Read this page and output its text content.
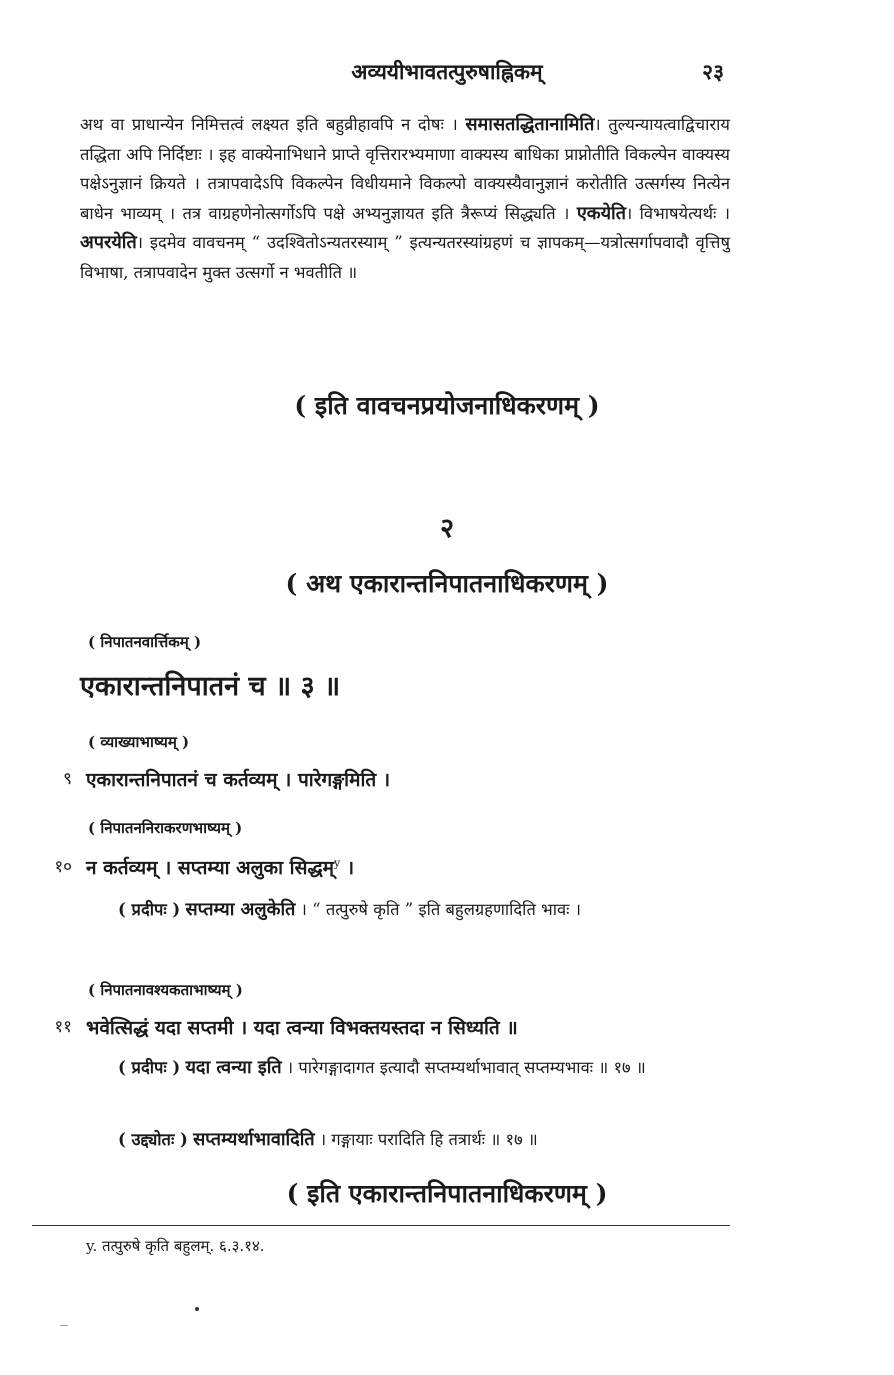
अव्ययीभावतत्पुरुषाह्निकम्	२३
अथ वा प्राधान्येन निमित्तत्वं लक्ष्यत इति बहुव्रीहावपि न दोषः । समासतद्धितानामिति। तुल्यन्यायत्वाद्विचाराय तद्धिता अपि निर्दिष्टाः । इह वाक्येनाभिधाने प्राप्ते वृत्तिरारभ्यमाणा वाक्यस्य बाधिका प्राप्नोतीति विकल्पेन वाक्यस्य पक्षेऽनुज्ञानं क्रियते । तत्रापवादेऽपि विकल्पेन विधीयमाने विकल्पो वाक्यस्यैवानुज्ञानं करोतीति उत्सर्गस्य नित्येन बाधेन भाव्यम् । तत्र वाग्रहणेनोत्सर्गोऽपि पक्षे अभ्यनुज्ञायत इति त्रैरूप्यं सिद्ध्यति । एकयेति। विभाषयेत्यर्थः । अपरयेति। इदमेव वावचनम् “ उदश्वितोऽन्यतरस्याम् ” इत्यन्यतरस्यांग्रहणं च ज्ञापकम्—यत्रोत्सर्गापवादौ वृत्तिषु विभाषा, तत्रापवादेन मुक्त उत्सर्गो न भवतीति ॥
( इति वावचनप्रयोजनाधिकरणम् )
२
( अथ एकारान्तनिपातनाधिकरणम् )
( निपातनवार्त्तिकम् )
एकारान्तनिपातनं च ॥ ३ ॥
( व्याख्याभाष्यम् )
९ एकारान्तनिपातनं च कर्तव्यम् । पारेगङ्गमिति ।
( निपातननिराकरणभाष्यम् )
१० न कर्तव्यम् । सप्तम्या अलुका सिद्धम्$^y$ ।
( प्रदीपः ) सप्तम्या अलुकेति । “ तत्पुरुषे कृति ” इति बहुलग्रहणादिति भावः ।
( निपातनावश्यकताभाष्यम् )
११ भवेत्सिद्धं यदा सप्तमी । यदा त्वन्या विभक्तयस्तदा न सिध्यति ॥
( प्रदीपः ) यदा त्वन्या इति । पारेगङ्गादागत इत्यादौ सप्तम्यर्थाभावात् सप्तम्यभावः ॥ १७ ॥
( उद्द्योतः ) सप्तम्यर्थाभावादिति । गङ्गायाः परादिति हि तत्रार्थः ॥ १७ ॥
( इति एकारान्तनिपातनाधिकरणम् )
y. तत्पुरुषे कृति बहुलम्. ६.३.१४.
